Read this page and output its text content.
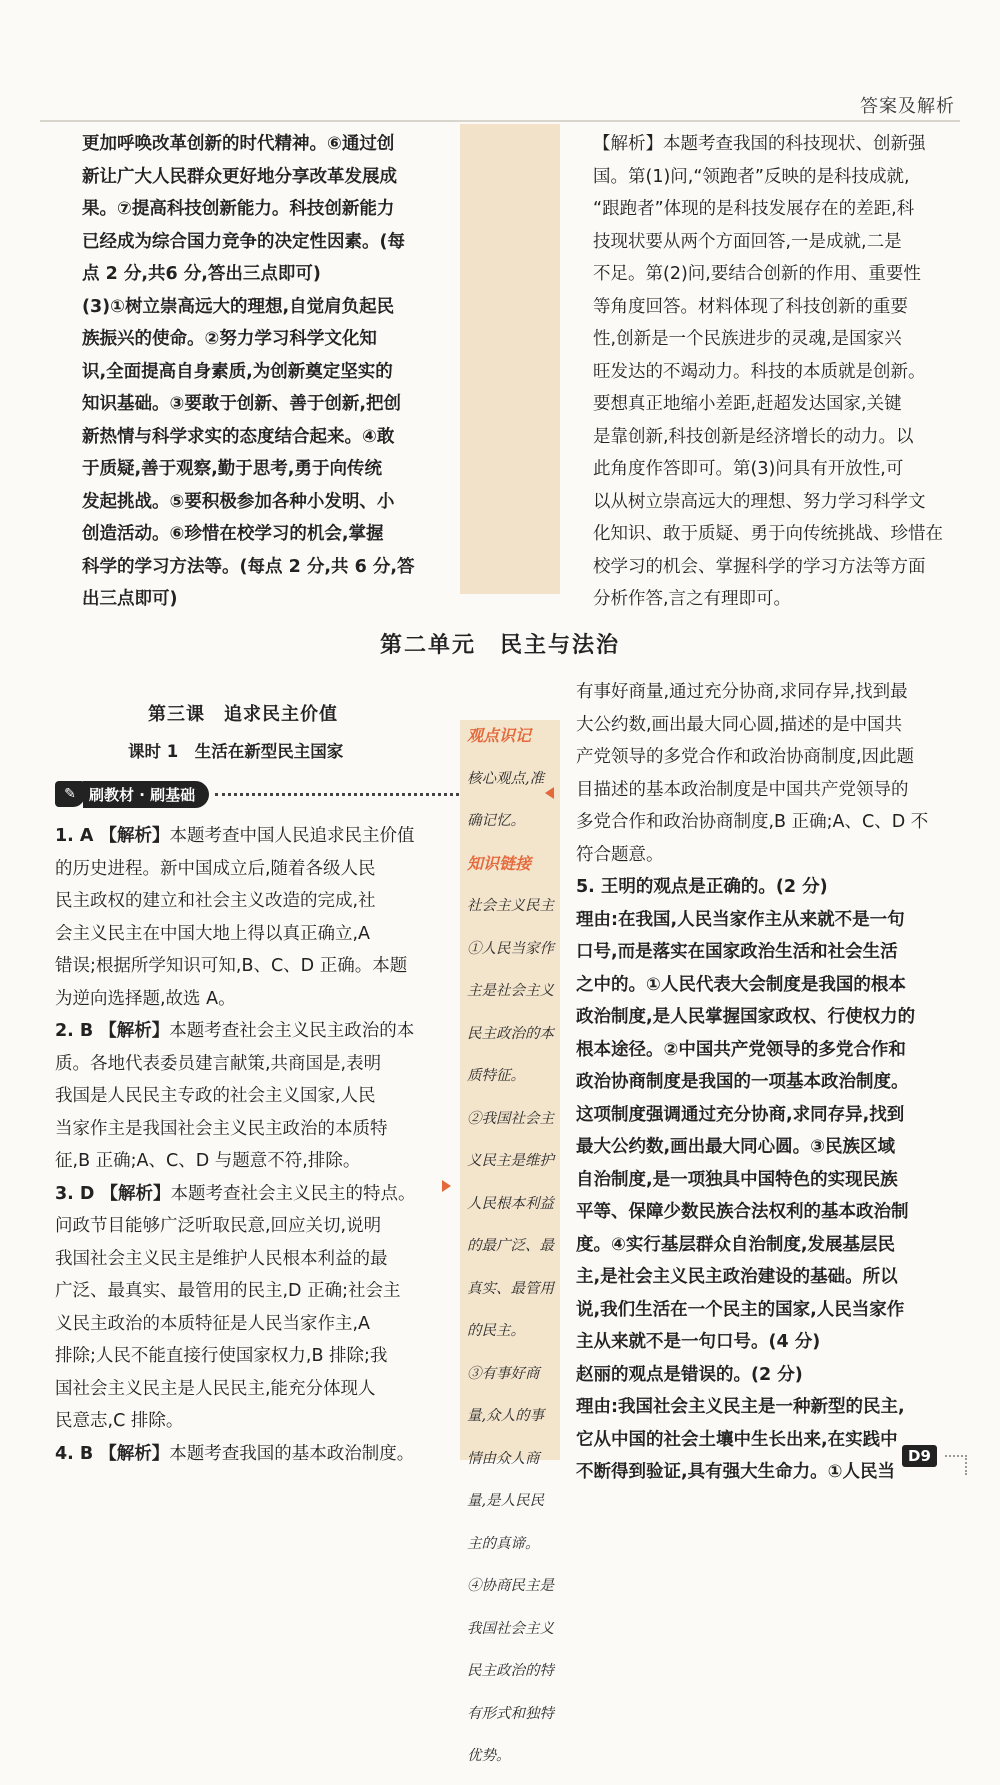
答案及解析

更加呼唤改革创新的时代精神。⑥通过创

新让广大人民群众更好地分享改革发展成

果。⑦提高科技创新能力。科技创新能力

已经成为综合国力竞争的决定性因素。(每

点 2 分,共6 分,答出三点即可)

(3)①树立崇高远大的理想,自觉肩负起民

族振兴的使命。②努力学习科学文化知

识,全面提高自身素质,为创新奠定坚实的

知识基础。③要敢于创新、善于创新,把创

新热情与科学求实的态度结合起来。④敢

于质疑,善于观察,勤于思考,勇于向传统

发起挑战。⑤要积极参加各种小发明、小

创造活动。⑥珍惜在校学习的机会,掌握

科学的学习方法等。(每点 2 分,共 6 分,答

出三点即可)

【解析】本题考查我国的科技现状、创新强

国。第(1)问,“领跑者”反映的是科技成就,

“跟跑者”体现的是科技发展存在的差距,科

技现状要从两个方面回答,一是成就,二是

不足。第(2)问,要结合创新的作用、重要性

等角度回答。材料体现了科技创新的重要

性,创新是一个民族进步的灵魂,是国家兴

旺发达的不竭动力。科技的本质就是创新。

要想真正地缩小差距,赶超发达国家,关键

是靠创新,科技创新是经济增长的动力。以

此角度作答即可。第(3)问具有开放性,可

以从树立崇高远大的理想、努力学习科学文

化知识、敢于质疑、勇于向传统挑战、珍惜在

校学习的机会、掌握科学的学习方法等方面

分析作答,言之有理即可。

第二单元　民主与法治
第三课　追求民主价值
课时 1　生活在新型民主国家
✎ 刷教材 · 刷基础

1. A 【解析】本题考查中国人民追求民主价值

的历史进程。新中国成立后,随着各级人民

民主政权的建立和社会主义改造的完成,社

会主义民主在中国大地上得以真正确立,A

错误;根据所学知识可知,B、C、D 正确。本题

为逆向选择题,故选 A。

2. B 【解析】本题考查社会主义民主政治的本

质。各地代表委员建言献策,共商国是,表明

我国是人民民主专政的社会主义国家,人民

当家作主是我国社会主义民主政治的本质特

征,B 正确;A、C、D 与题意不符,排除。

3. D 【解析】本题考查社会主义民主的特点。

问政节目能够广泛听取民意,回应关切,说明

我国社会主义民主是维护人民根本利益的最

广泛、最真实、最管用的民主,D 正确;社会主

义民主政治的本质特征是人民当家作主,A

排除;人民不能直接行使国家权力,B 排除;我

国社会主义民主是人民民主,能充分体现人

民意志,C 排除。

4. B 【解析】本题考查我国的基本政治制度。

观点识记

核心观点,准

确记忆。

知识链接

社会主义民主

①人民当家作

主是社会主义

民主政治的本

质特征。

②我国社会主

义民主是维护

人民根本利益

的最广泛、最

真实、最管用

的民主。

③有事好商

量,众人的事

情由众人商

量,是人民民

主的真谛。

④协商民主是

我国社会主义

民主政治的特

有形式和独特

优势。

有事好商量,通过充分协商,求同存异,找到最

大公约数,画出最大同心圆,描述的是中国共

产党领导的多党合作和政治协商制度,因此题

目描述的基本政治制度是中国共产党领导的

多党合作和政治协商制度,B 正确;A、C、D 不

符合题意。

5. 王明的观点是正确的。(2 分)

理由:在我国,人民当家作主从来就不是一句

口号,而是落实在国家政治生活和社会生活

之中的。①人民代表大会制度是我国的根本

政治制度,是人民掌握国家政权、行使权力的

根本途径。②中国共产党领导的多党合作和

政治协商制度是我国的一项基本政治制度。

这项制度强调通过充分协商,求同存异,找到

最大公约数,画出最大同心圆。③民族区域

自治制度,是一项独具中国特色的实现民族

平等、保障少数民族合法权利的基本政治制

度。④实行基层群众自治制度,发展基层民

主,是社会主义民主政治建设的基础。所以

说,我们生活在一个民主的国家,人民当家作

主从来就不是一句口号。(4 分)

赵丽的观点是错误的。(2 分)

理由:我国社会主义民主是一种新型的民主,

它从中国的社会土壤中生长出来,在实践中

不断得到验证,具有强大生命力。①人民当

D9
